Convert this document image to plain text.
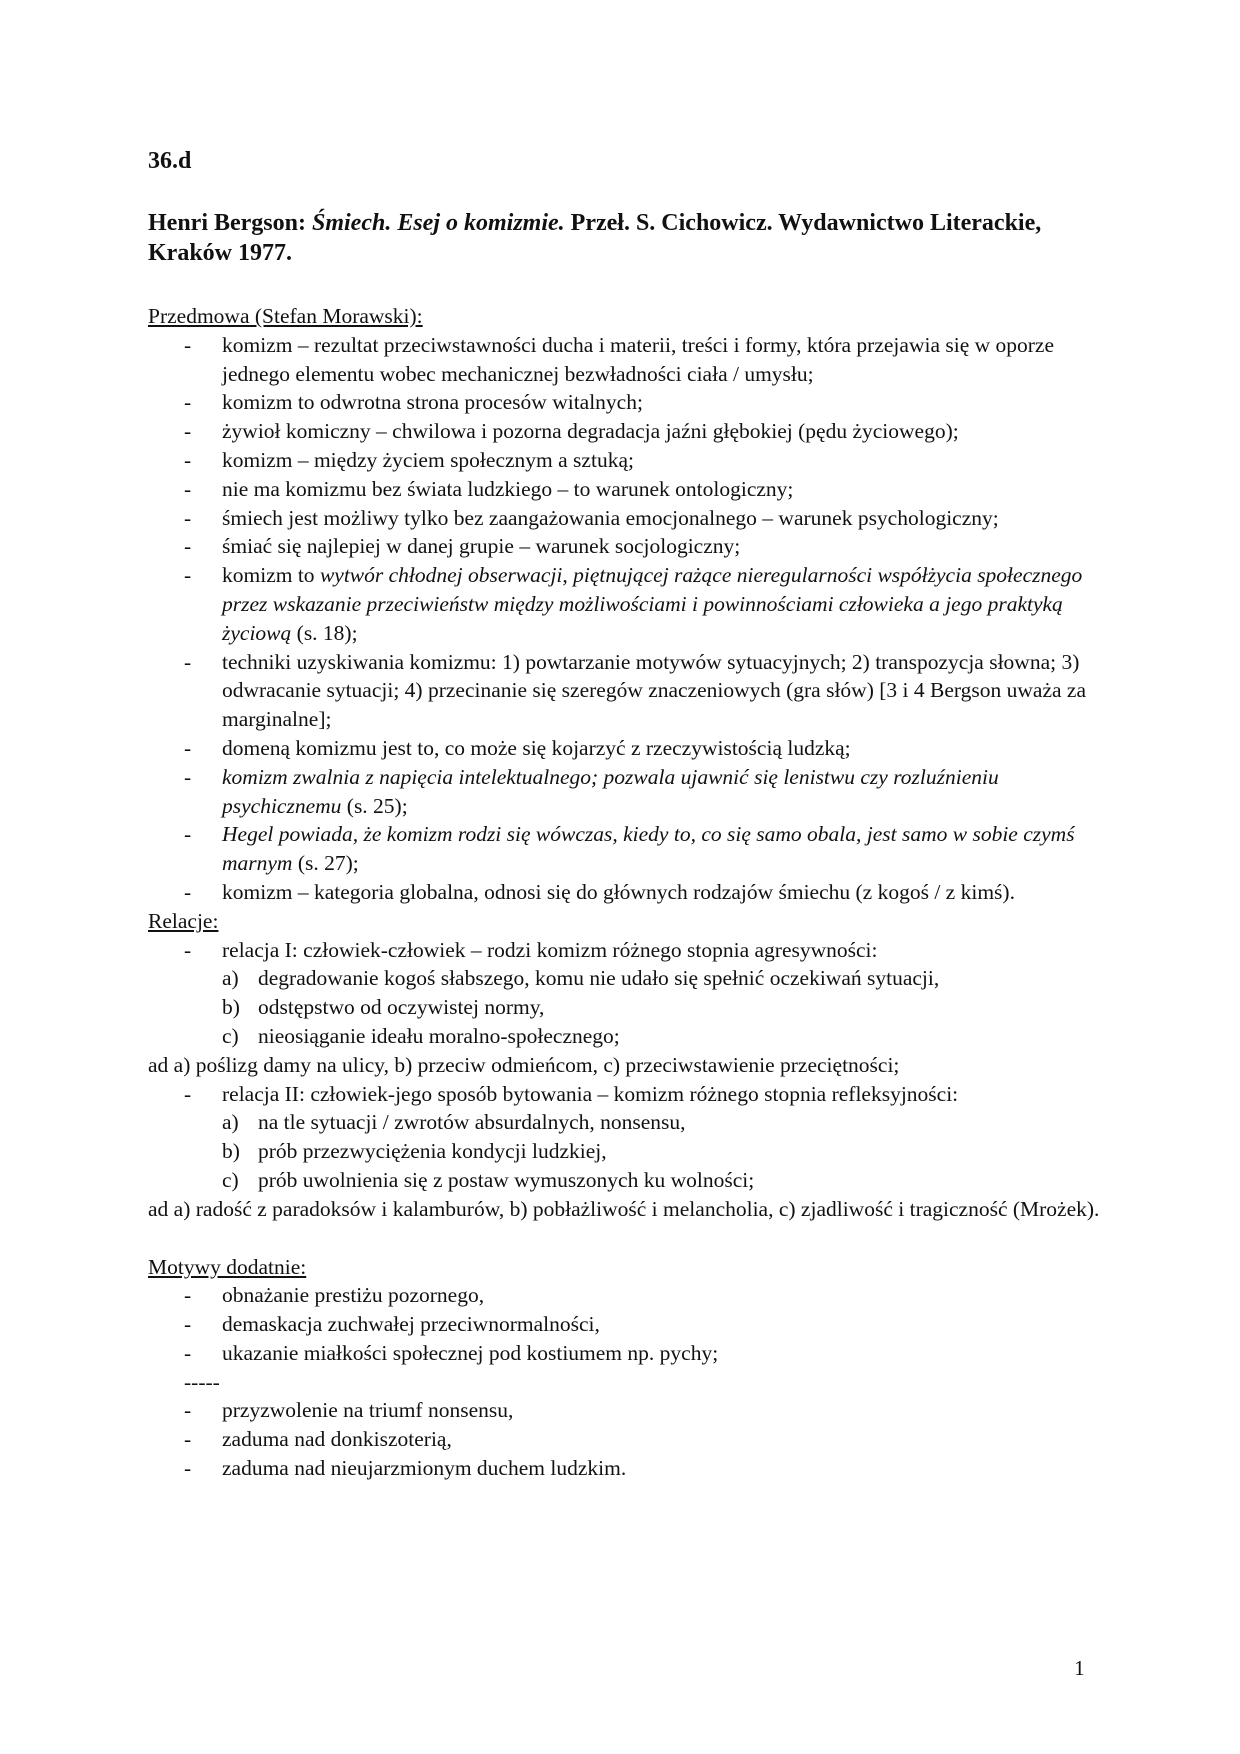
36.d

Henri Bergson: Śmiech. Esej o komizmie. Przeł. S. Cichowicz. Wydawnictwo Literackie, Kraków 1977.

Przedmowa (Stefan Morawski):

- komizm – rezultat przeciwstawności ducha i materii, treści i formy, która przejawia się w oporze jednego elementu wobec mechanicznej bezwładności ciała / umysłu;
- komizm to odwrotna strona procesów witalnych;
- żywioł komiczny – chwilowa i pozorna degradacja jaźni głębokiej (pędu życiowego);
- komizm – między życiem społecznym a sztuką;
- nie ma komizmu bez świata ludzkiego – to warunek ontologiczny;
- śmiech jest możliwy tylko bez zaangażowania emocjonalnego – warunek psychologiczny;
- śmiać się najlepiej w danej grupie – warunek socjologiczny;
- komizm to wytwór chłodnej obserwacji, piętnującej rażące nieregularności współżycia społecznego przez wskazanie przeciwieństw między możliwościami i powinnościami człowieka a jego praktyką życiową (s. 18);
- techniki uzyskiwania komizmu: 1) powtarzanie motywów sytuacyjnych; 2) transpozycja słowna; 3) odwracanie sytuacji; 4) przecinanie się szeregów znaczeniowych (gra słów) [3 i 4 Bergson uważa za marginalne];
- domeną komizmu jest to, co może się kojarzyć z rzeczywistością ludzką;
- komizm zwalnia z napięcia intelektualnego; pozwala ujawnić się lenistwu czy rozluźnieniu psychicznemu (s. 25);
- Hegel powiada, że komizm rodzi się wówczas, kiedy to, co się samo obala, jest samo w sobie czymś marnym (s. 27);
- komizm – kategoria globalna, odnosi się do głównych rodzajów śmiechu (z kogoś / z kimś).

Relacje:

- relacja I: człowiek-człowiek – rodzi komizm różnego stopnia agresywności:
a) degradowanie kogoś słabszego, komu nie udało się spełnić oczekiwań sytuacji,
b) odstępstwo od oczywistej normy,
c) nieosiąganie ideału moralno-społecznego;

ad a) poślizg damy na ulicy, b) przeciw odmieńcom, c) przeciwstawienie przeciętności;

- relacja II: człowiek-jego sposób bytowania – komizm różnego stopnia refleksyjności:
a) na tle sytuacji / zwrotów absurdalnych, nonsensu,
b) prób przezwyciężenia kondycji ludzkiej,
c) prób uwolnienia się z postaw wymuszonych ku wolności;

ad a) radość z paradoksów i kalamburów, b) pobłażliwość i melancholia, c) zjadliwość i tragiczność (Mrożek).

Motywy dodatnie:

- obnażanie prestiżu pozornego,
- demaskacja zuchwałej przeciwnormalności,
- ukazanie miałkości społecznej pod kostiumem np. pychy;

-----

- przyzwolenie na triumf nonsensu,
- zaduma nad donkiszoterią,
- zaduma nad nieujarzmionym duchem ludzkim.
1
